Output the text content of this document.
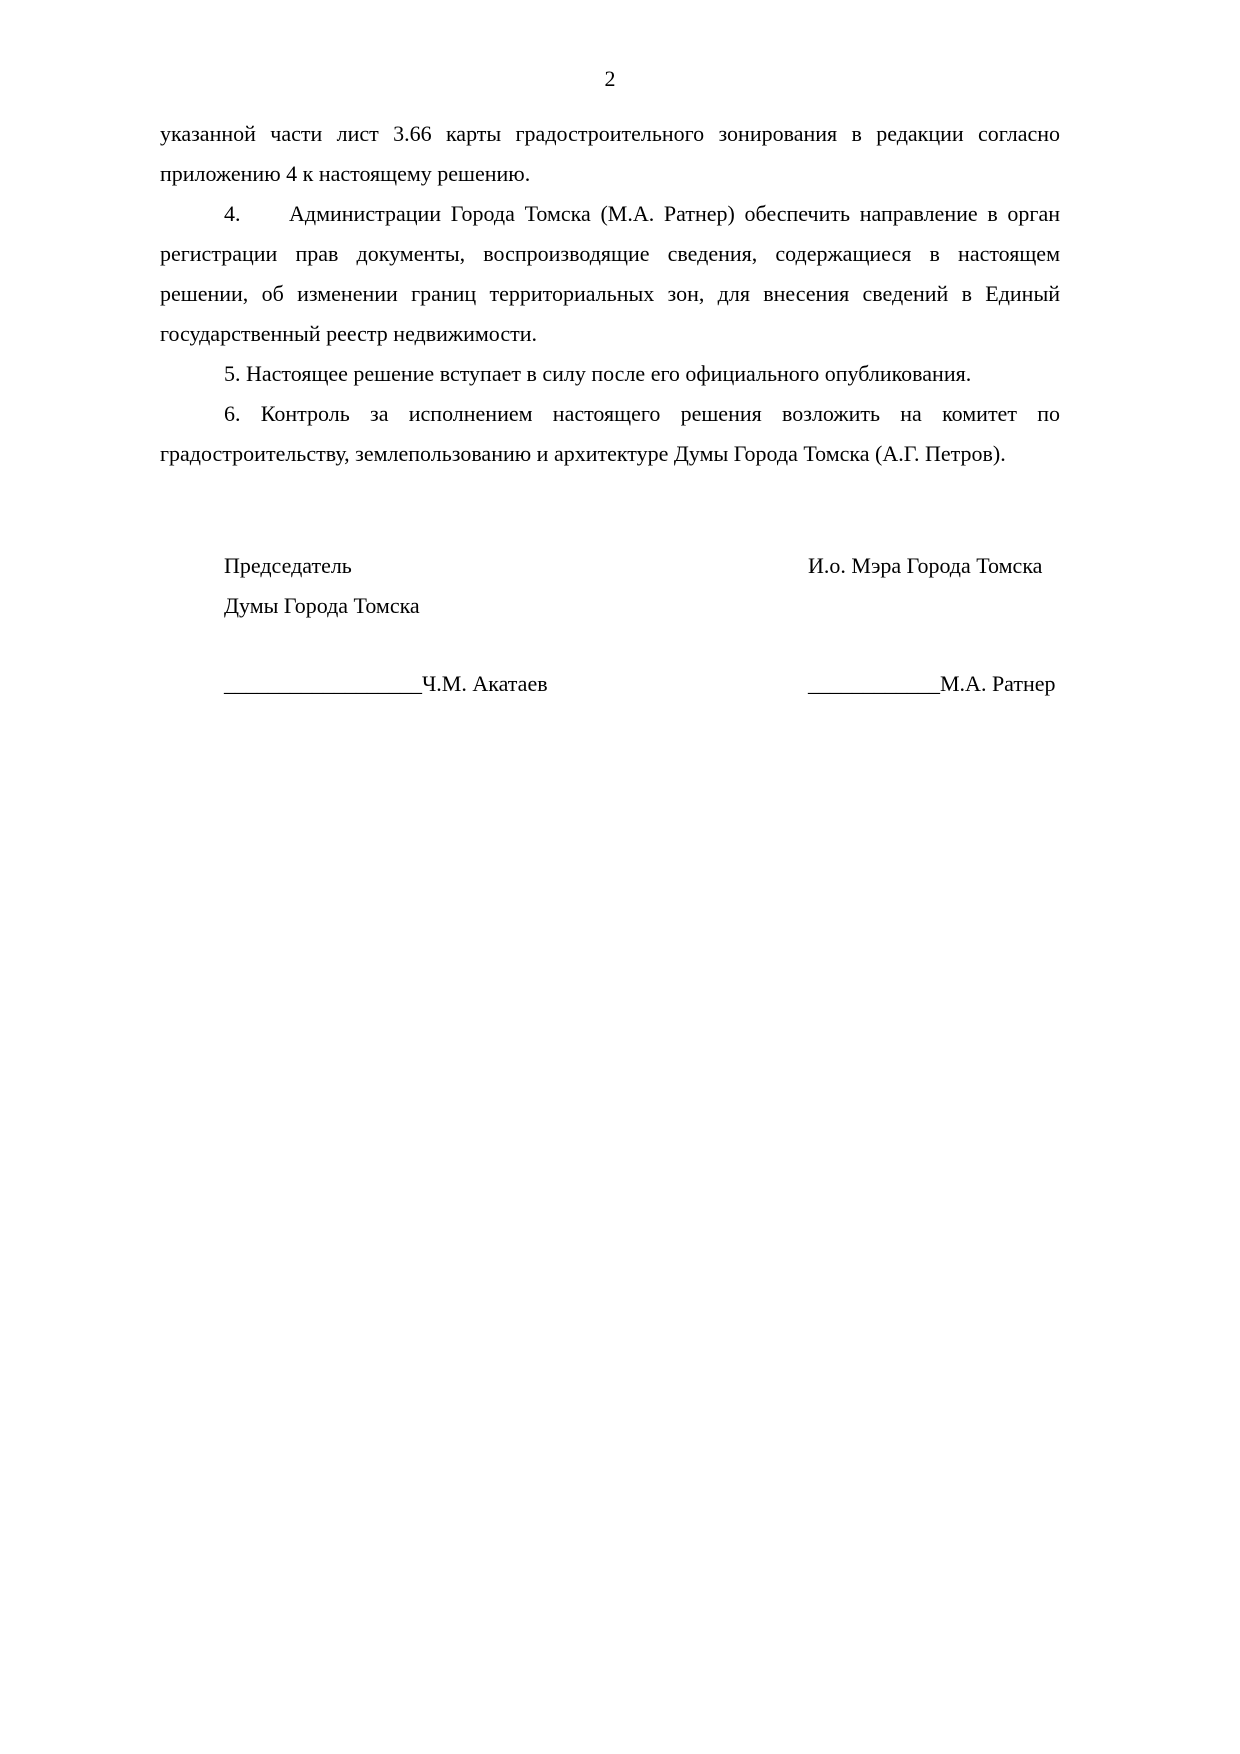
2

указанной части лист 3.66 карты градостроительного зонирования в редакции согласно приложению 4 к настоящему решению.

4.     Администрации Города Томска (М.А. Ратнер) обеспечить направление в орган регистрации прав документы, воспроизводящие сведения, содержащиеся в настоящем решении, об изменении границ территориальных зон, для внесения сведений в Единый государственный реестр недвижимости.

5. Настоящее решение вступает в силу после его официального опубликования.

6. Контроль за исполнением настоящего решения возложить на комитет по градостроительству, землепользованию и архитектуре Думы Города Томска (А.Г. Петров).

Председатель
Думы Города Томска
И.о. Мэра Города Томска
__________________Ч.М. Акатаев	____________М.А. Ратнер
